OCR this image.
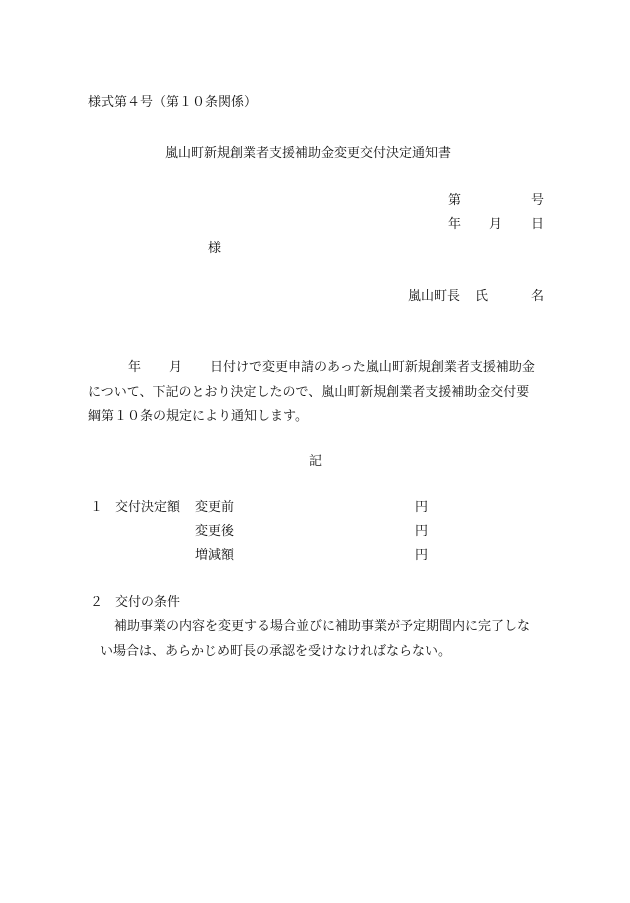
様式第４号（第１０条関係）
嵐山町新規創業者支援補助金変更交付決定通知書
第	号
年 月 日
様
嵐山町長 氏	名
年 月 日付けで変更申請のあった嵐山町新規創業者支援補助金
について、下記のとおり決定したので、嵐山町新規創業者支援補助金交付要
綱第１０条の規定により通知します。
記
１ 交付決定額 変更前	円
変更後	円
増減額	円
２ 交付の条件
補助事業の内容を変更する場合並びに補助事業が予定期間内に完了しな
い場合は、あらかじめ町長の承認を受けなければならない。
